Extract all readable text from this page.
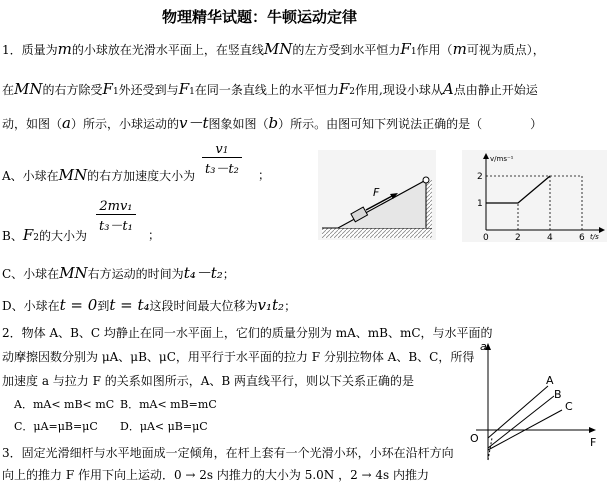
物理精华试题：牛顿运动定律
1．质量为m的小球放在光滑水平面上，在竖直线MN的左方受到水平恒力F1作用（m可视为质点），
在MN的右方除受F1外还受到与F1在同一条直线上的水平恒力F2作用,现设小球从A点由静止开始运
动，如图（a）所示，小球运动的v－t图象如图（b）所示。由图可知下列说法正确的是（　　　　）
A、小球在MN的右方加速度大小为 $\frac{v1}{\text{t₃－t₂}}$ ；
B、F2的大小为
$\frac{\text{2mv₁}}{\text{t₃－t₁}}$
；
C、小球在MN右方运动的时间为t₄－t₂；
D、小球在t = 0到t = t₄这段时间最大位移为v₁t₂；
F
v/ms⁻¹
t/s
1
2
0	2	4	6
2．物体 A、B、C 均静止在同一水平面上，它们的质量分别为 mA、mB、mC，与水平面的
动摩擦因数分别为 μA、μB、μC，用平行于水平面的拉力 F 分别拉物体 A、B、C，所得
加速度 a 与拉力 F 的关系如图所示，A、B 两直线平行，则以下关系正确的是
A．mA< mB< mC B．mA< mB=mC
C．μA=μB=μC D．μA< μB=μC
a
F
O
A
B
C
3．固定光滑细杆与水平地面成一定倾角，在杆上套有一个光滑小环，小环在沿杆方向
向上的推力 F 作用下向上运动．0 → 2s 内推力的大小为 5.0N ，2 → 4s 内推力
